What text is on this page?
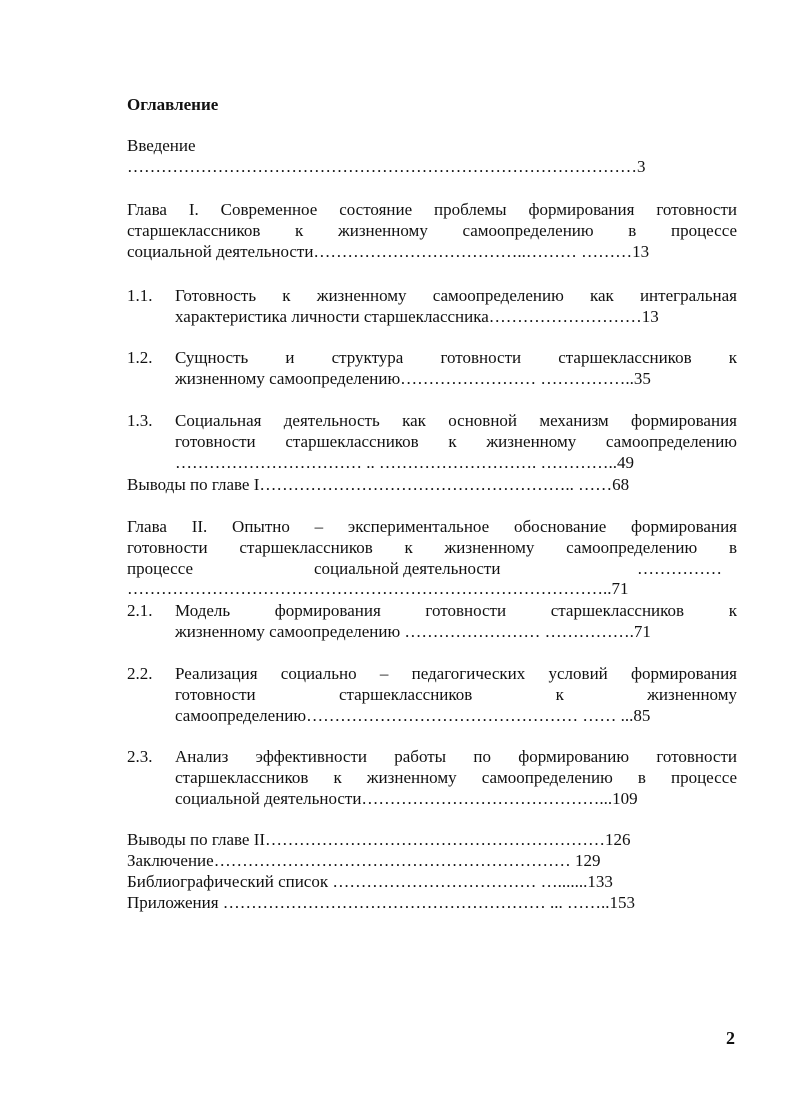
Оглавление
Введение
………………………………………………………………………………3
Глава I. Современное состояние проблемы формирования готовности
старшеклассников к жизненному самоопределению в процессе
социальной деятельности………………………………..……… ………13
1.1. Готовность к жизненному самоопределению как интегральная
характеристика личности старшеклассника………………………13
1.2. Сущность и структура готовности старшеклассников к
жизненному самоопределению…………………… ……………..35
1.3. Социальная деятельность как основной механизм формирования
готовности старшеклассников к жизненному самоопределению
…………………………… .. ………………………. …………..49
Выводы по главе I……………………………………………….. ……68
Глава II. Опытно – экспериментальное обоснование формирования
готовности старшеклассников к жизненному самоопределению в
процессе	социальной деятельности	……………
…………………………………………………………………………..71
2.1. Модель формирования готовности старшеклассников к
жизненному самоопределению …………………… …………….71
2.2. Реализация социально – педагогических условий формирования
готовности старшеклассников к жизненному
самоопределению………………………………………… …… ...85
2.3. Анализ эффективности работы по формированию готовности
старшеклассников к жизненному самоопределению в процессе
социальной деятельности……………………………………...109
Выводы по главе II……………………………………………………126
Заключение……………………………………………………… 129
Библиографический список ……………………………… ….......133
Приложения ………………………………………………… ... ……..153
2
